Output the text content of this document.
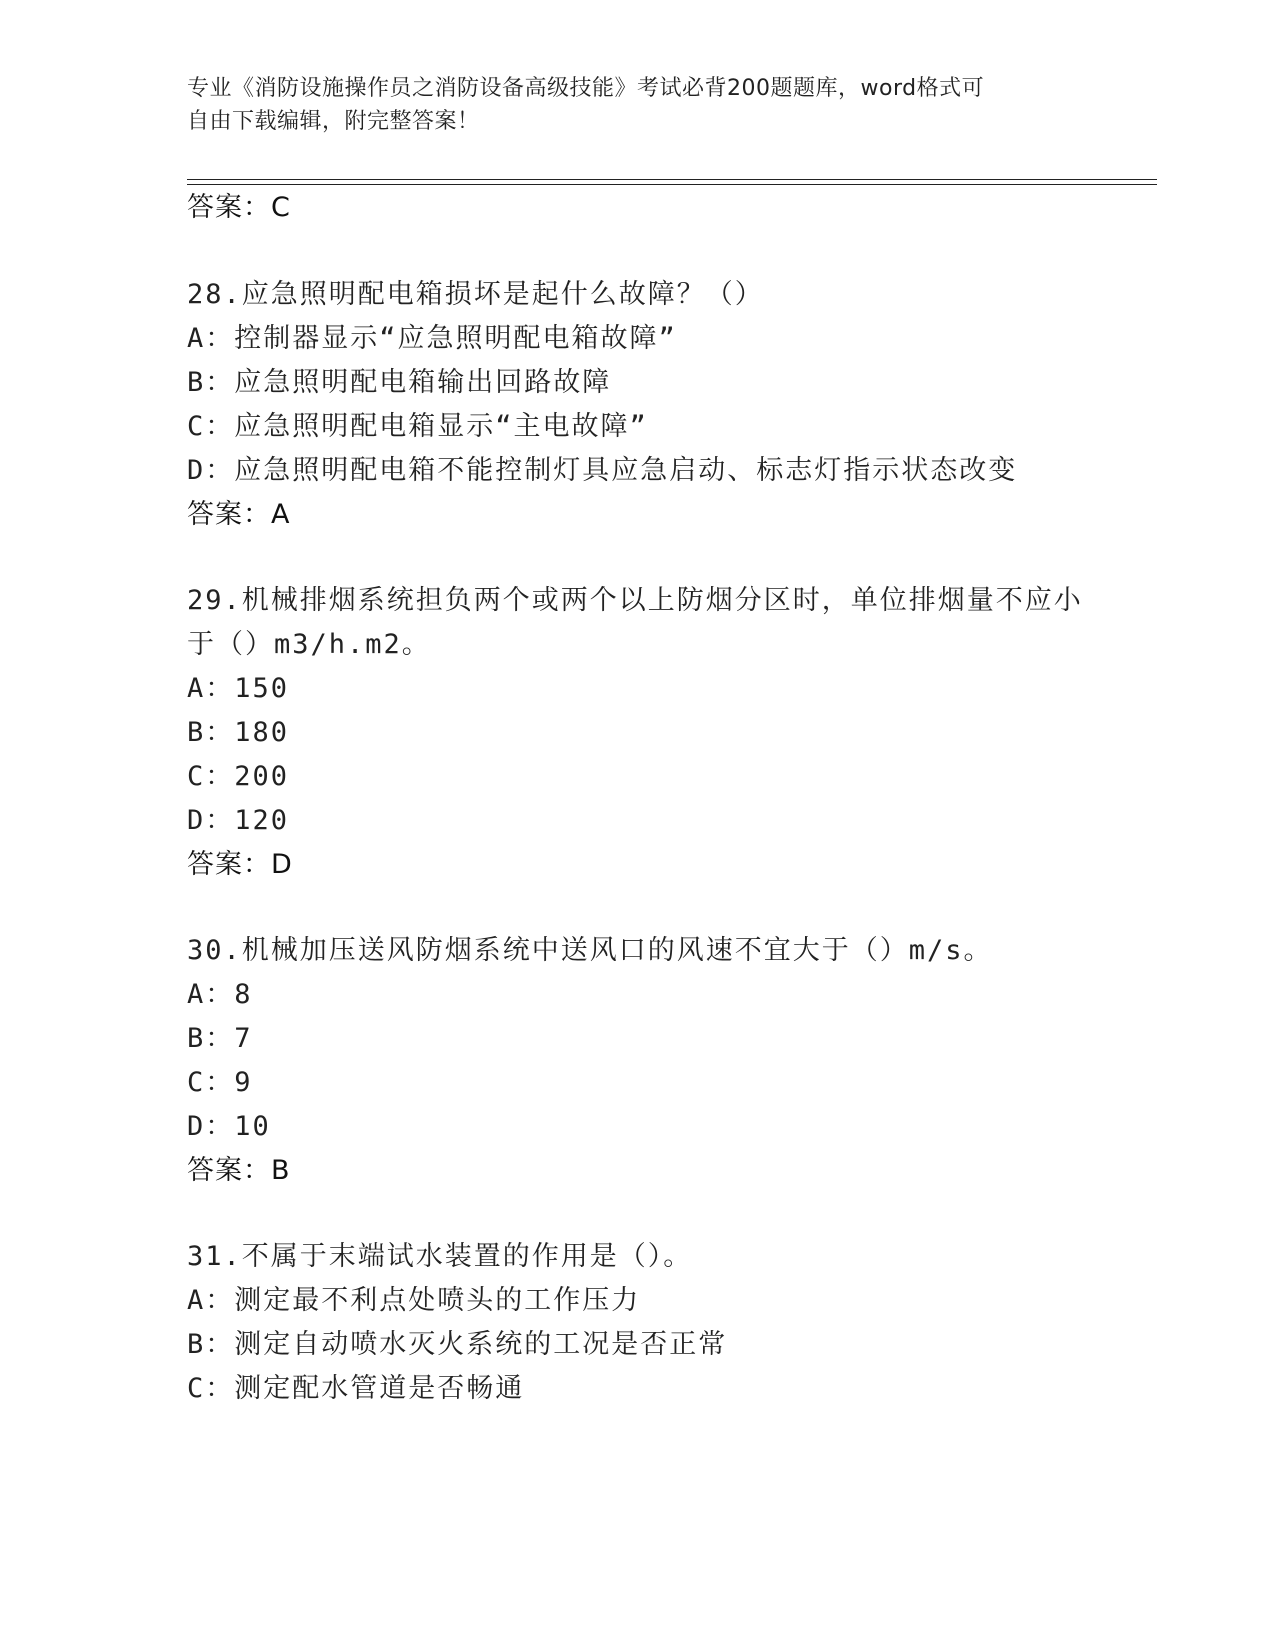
专业《消防设施操作员之消防设备高级技能》考试必背200题题库，word格式可
自由下载编辑，附完整答案！
答案：C
28.应急照明配电箱损坏是起什么故障？（）
A：控制器显示“应急照明配电箱故障”
B：应急照明配电箱输出回路故障
C：应急照明配电箱显示“主电故障”
D：应急照明配电箱不能控制灯具应急启动、标志灯指示状态改变
答案：A
29.机械排烟系统担负两个或两个以上防烟分区时，单位排烟量不应小
于（）m3/h.m2。
A：150
B：180
C：200
D：120
答案：D
30.机械加压送风防烟系统中送风口的风速不宜大于（）m/s。
A：8
B：7
C：9
D：10
答案：B
31.不属于末端试水装置的作用是（）。
A：测定最不利点处喷头的工作压力
B：测定自动喷水灭火系统的工况是否正常
C：测定配水管道是否畅通
